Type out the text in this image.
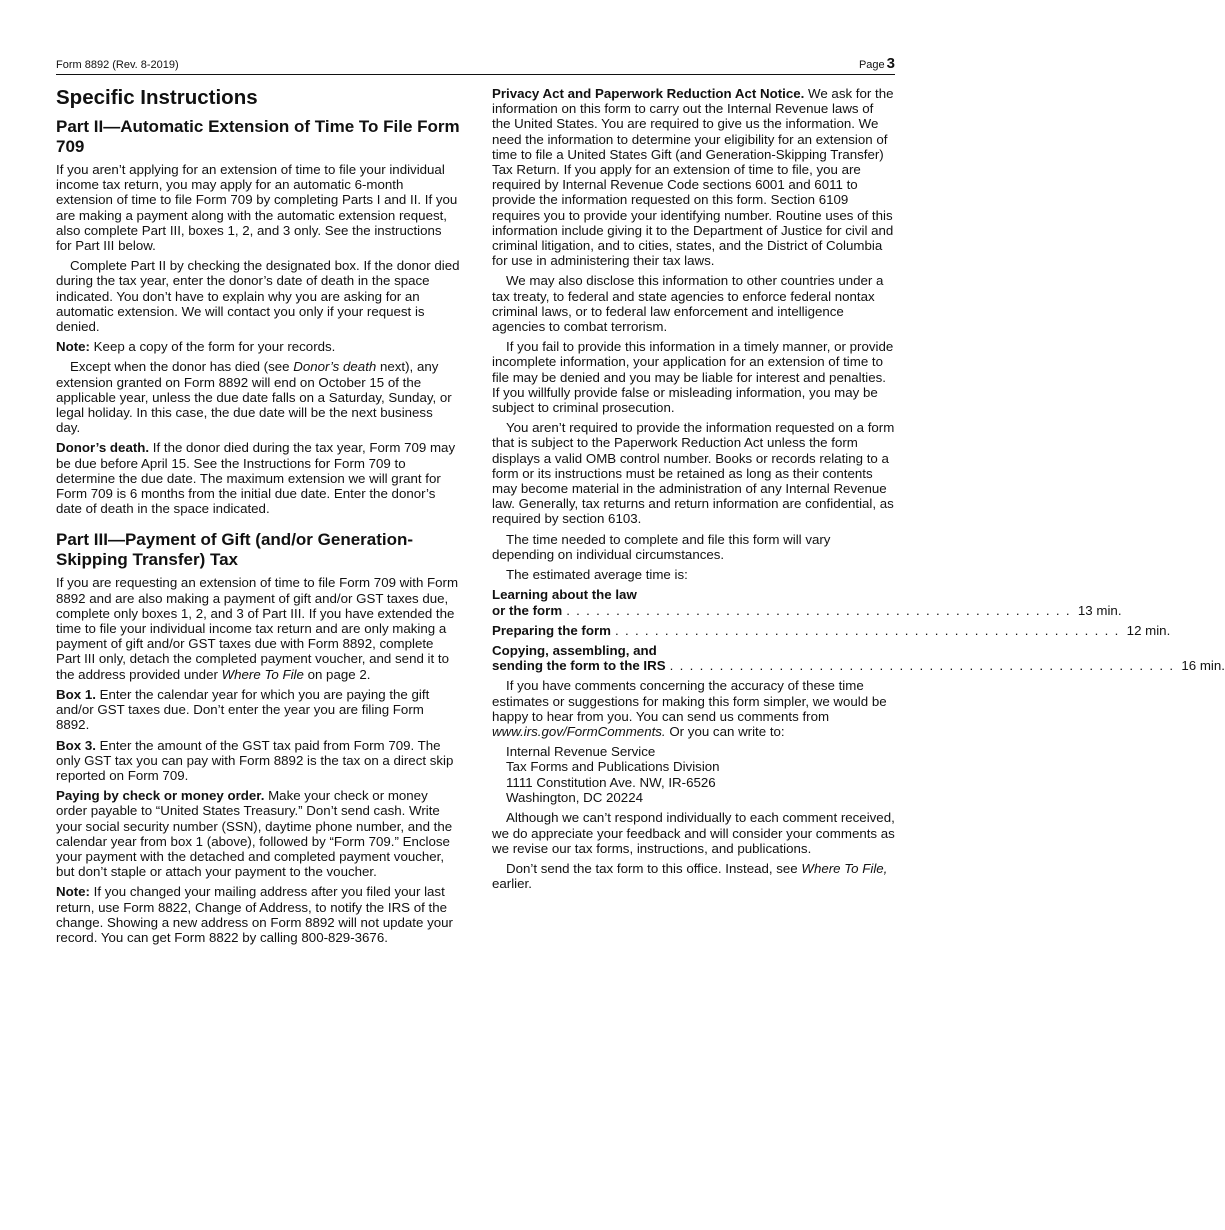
Form 8892 (Rev. 8-2019)	Page 3
Specific Instructions
Part II—Automatic Extension of Time To File Form 709

If you aren’t applying for an extension of time to file your individual income tax return, you may apply for an automatic 6-month extension of time to file Form 709 by completing Parts I and II. If you are making a payment along with the automatic extension request, also complete Part III, boxes 1, 2, and 3 only. See the instructions for Part III below.

Complete Part II by checking the designated box. If the donor died during the tax year, enter the donor’s date of death in the space indicated. You don’t have to explain why you are asking for an automatic extension. We will contact you only if your request is denied.

Note: Keep a copy of the form for your records.

Except when the donor has died (see Donor’s death next), any extension granted on Form 8892 will end on October 15 of the applicable year, unless the due date falls on a Saturday, Sunday, or legal holiday. In this case, the due date will be the next business day.

Donor’s death. If the donor died during the tax year, Form 709 may be due before April 15. See the Instructions for Form 709 to determine the due date. The maximum extension we will grant for Form 709 is 6 months from the initial due date. Enter the donor’s date of death in the space indicated.

Part III—Payment of Gift (and/or Generation-Skipping Transfer) Tax

If you are requesting an extension of time to file Form 709 with Form 8892 and are also making a payment of gift and/or GST taxes due, complete only boxes 1, 2, and 3 of Part III. If you have extended the time to file your individual income tax return and are only making a payment of gift and/or GST taxes due with Form 8892, complete Part III only, detach the completed payment voucher, and send it to the address provided under Where To File on page 2.

Box 1. Enter the calendar year for which you are paying the gift and/or GST taxes due. Don’t enter the year you are filing Form 8892.

Box 3. Enter the amount of the GST tax paid from Form 709. The only GST tax you can pay with Form 8892 is the tax on a direct skip reported on Form 709.

Paying by check or money order. Make your check or money order payable to “United States Treasury.” Don’t send cash. Write your social security number (SSN), daytime phone number, and the calendar year from box 1 (above), followed by “Form 709.” Enclose your payment with the detached and completed payment voucher, but don’t staple or attach your payment to the voucher.

Note: If you changed your mailing address after you filed your last return, use Form 8822, Change of Address, to notify the IRS of the change. Showing a new address on Form 8892 will not update your record. You can get Form 8822 by calling 800-829-3676.

Privacy Act and Paperwork Reduction Act Notice. We ask for the information on this form to carry out the Internal Revenue laws of the United States. You are required to give us the information. We need the information to determine your eligibility for an extension of time to file a United States Gift (and Generation-Skipping Transfer) Tax Return. If you apply for an extension of time to file, you are required by Internal Revenue Code sections 6001 and 6011 to provide the information requested on this form. Section 6109 requires you to provide your identifying number. Routine uses of this information include giving it to the Department of Justice for civil and criminal litigation, and to cities, states, and the District of Columbia for use in administering their tax laws.

We may also disclose this information to other countries under a tax treaty, to federal and state agencies to enforce federal nontax criminal laws, or to federal law enforcement and intelligence agencies to combat terrorism.

If you fail to provide this information in a timely manner, or provide incomplete information, your application for an extension of time to file may be denied and you may be liable for interest and penalties. If you willfully provide false or misleading information, you may be subject to criminal prosecution.

You aren’t required to provide the information requested on a form that is subject to the Paperwork Reduction Act unless the form displays a valid OMB control number. Books or records relating to a form or its instructions must be retained as long as their contents may become material in the administration of any Internal Revenue law. Generally, tax returns and return information are confidential, as required by section 6103.

The time needed to complete and file this form will vary depending on individual circumstances.

The estimated average time is:

Learning about the law
or the form ................................................... 13 min.
Preparing the form ................................................... 12 min.
Copying, assembling, and
sending the form to the IRS ................................................... 16 min.

If you have comments concerning the accuracy of these time estimates or suggestions for making this form simpler, we would be happy to hear from you. You can send us comments from www.irs.gov/FormComments. Or you can write to:

Internal Revenue Service
Tax Forms and Publications Division
1111 Constitution Ave. NW, IR-6526
Washington, DC 20224

Although we can’t respond individually to each comment received, we do appreciate your feedback and will consider your comments as we revise our tax forms, instructions, and publications.

Don’t send the tax form to this office. Instead, see Where To File, earlier.
